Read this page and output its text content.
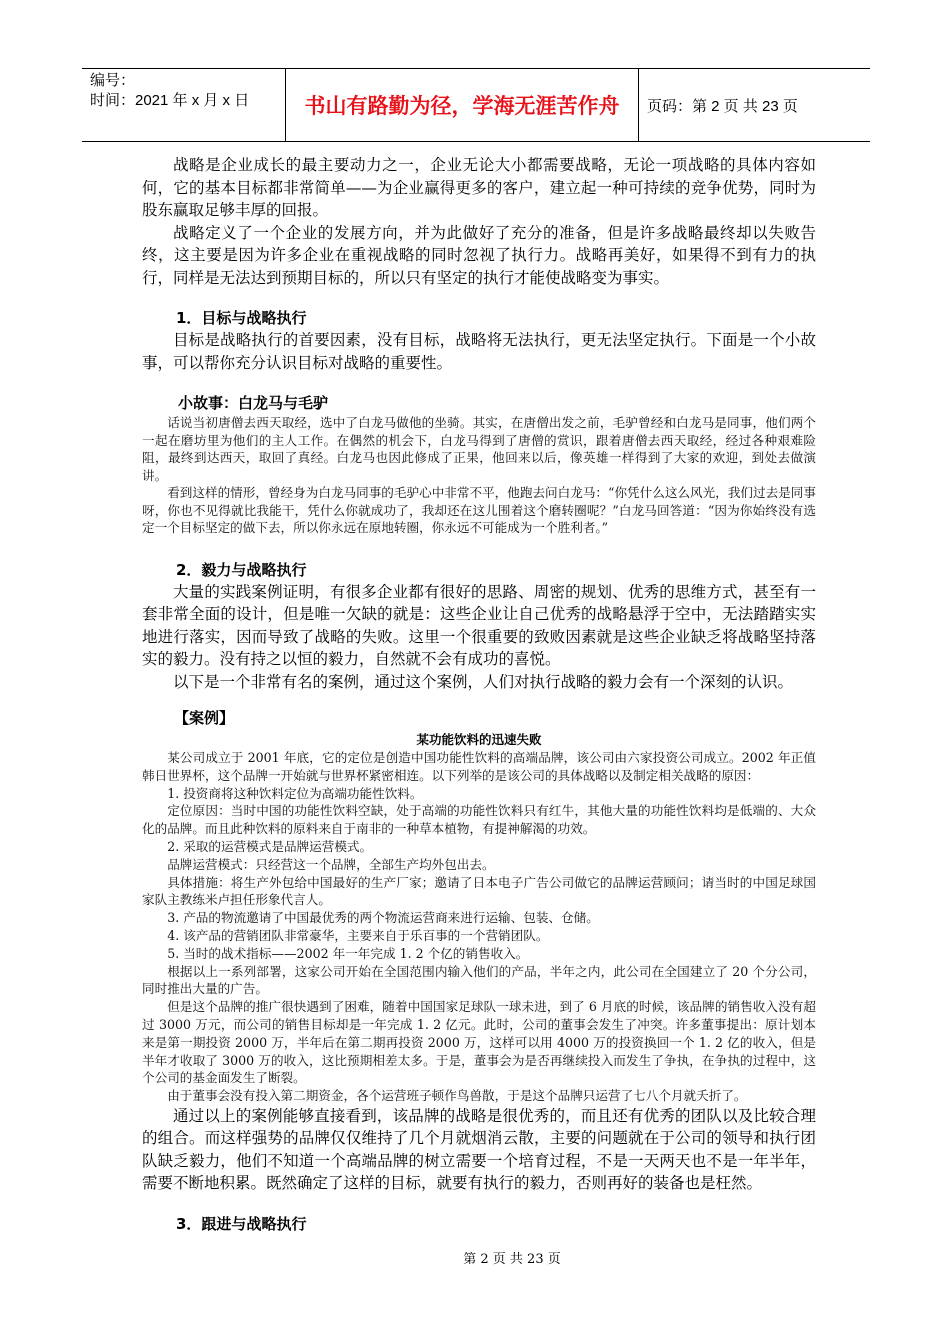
编号：
时间：2021 年 x 月 x 日	书山有路勤为径，学海无涯苦作舟	页码：第 2 页 共 23 页

战略是企业成长的最主要动力之一，企业无论大小都需要战略，无论一项战略的具体内容如何，它的基本目标都非常简单——为企业赢得更多的客户，建立起一种可持续的竞争优势，同时为股东赢取足够丰厚的回报。

战略定义了一个企业的发展方向，并为此做好了充分的准备，但是许多战略最终却以失败告终，这主要是因为许多企业在重视战略的同时忽视了执行力。战略再美好，如果得不到有力的执行，同样是无法达到预期目标的，所以只有坚定的执行才能使战略变为事实。

1．目标与战略执行

目标是战略执行的首要因素，没有目标，战略将无法执行，更无法坚定执行。下面是一个小故事，可以帮你充分认识目标对战略的重要性。

小故事：白龙马与毛驴

话说当初唐僧去西天取经，选中了白龙马做他的坐骑。其实，在唐僧出发之前，毛驴曾经和白龙马是同事，他们两个一起在磨坊里为他们的主人工作。在偶然的机会下，白龙马得到了唐僧的赏识，跟着唐僧去西天取经，经过各种艰难险阻，最终到达西天，取回了真经。白龙马也因此修成了正果，他回来以后，像英雄一样得到了大家的欢迎，到处去做演讲。

看到这样的情形，曾经身为白龙马同事的毛驴心中非常不平，他跑去问白龙马：“你凭什么这么风光，我们过去是同事呀，你也不见得就比我能干，凭什么你就成功了，我却还在这儿围着这个磨转圈呢？”白龙马回答道：“因为你始终没有选定一个目标坚定的做下去，所以你永远在原地转圈，你永远不可能成为一个胜利者。”

2．毅力与战略执行

大量的实践案例证明，有很多企业都有很好的思路、周密的规划、优秀的思维方式，甚至有一套非常全面的设计，但是唯一欠缺的就是：这些企业让自己优秀的战略悬浮于空中，无法踏踏实实地进行落实，因而导致了战略的失败。这里一个很重要的致败因素就是这些企业缺乏将战略坚持落实的毅力。没有持之以恒的毅力，自然就不会有成功的喜悦。

以下是一个非常有名的案例，通过这个案例，人们对执行战略的毅力会有一个深刻的认识。

【案例】

某功能饮料的迅速失败

某公司成立于 2001 年底，它的定位是创造中国功能性饮料的高端品牌，该公司由六家投资公司成立。2002 年正值韩日世界杯，这个品牌一开始就与世界杯紧密相连。以下列举的是该公司的具体战略以及制定相关战略的原因：

1. 投资商将这种饮料定位为高端功能性饮料。

定位原因：当时中国的功能性饮料空缺，处于高端的功能性饮料只有红牛，其他大量的功能性饮料均是低端的、大众化的品牌。而且此种饮料的原料来自于南非的一种草本植物，有提神解渴的功效。

2. 采取的运营模式是品牌运营模式。

品牌运营模式：只经营这一个品牌，全部生产均外包出去。

具体措施：将生产外包给中国最好的生产厂家；邀请了日本电子广告公司做它的品牌运营顾问；请当时的中国足球国家队主教练米卢担任形象代言人。

3. 产品的物流邀请了中国最优秀的两个物流运营商来进行运输、包装、仓储。

4. 该产品的营销团队非常豪华，主要来自于乐百事的一个营销团队。

5. 当时的战术指标——2002 年一年完成 1. 2 个亿的销售收入。

根据以上一系列部署，这家公司开始在全国范围内输入他们的产品，半年之内，此公司在全国建立了 20 个分公司，同时推出大量的广告。

但是这个品牌的推广很快遇到了困难，随着中国国家足球队一球未进，到了 6 月底的时候，该品牌的销售收入没有超过 3000 万元，而公司的销售目标却是一年完成 1. 2 亿元。此时，公司的董事会发生了冲突。许多董事提出：原计划本来是第一期投资 2000 万，半年后在第二期再投资 2000 万，这样可以用 4000 万的投资换回一个 1. 2 亿的收入，但是半年才收取了 3000 万的收入，这比预期相差太多。于是，董事会为是否再继续投入而发生了争执，在争执的过程中，这个公司的基金面发生了断裂。

由于董事会没有投入第二期资金，各个运营班子顿作鸟兽散，于是这个品牌只运营了七八个月就夭折了。

通过以上的案例能够直接看到，该品牌的战略是很优秀的，而且还有优秀的团队以及比较合理的组合。而这样强势的品牌仅仅维持了几个月就烟消云散，主要的问题就在于公司的领导和执行团队缺乏毅力，他们不知道一个高端品牌的树立需要一个培育过程，不是一天两天也不是一年半年，需要不断地积累。既然确定了这样的目标，就要有执行的毅力，否则再好的装备也是枉然。

3．跟进与战略执行

第 2 页 共 23 页
